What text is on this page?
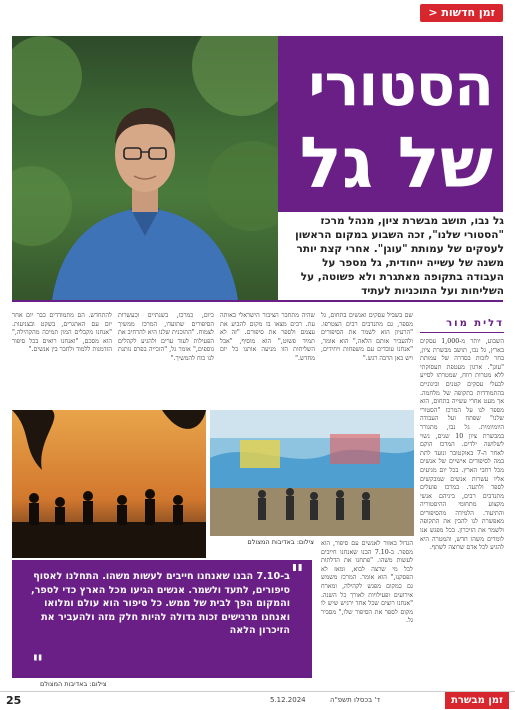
זמן חדשות <
הסטורי
של גל
גל נבו, תושב מבשרת ציון, מנהל מרכז "הסטורי שלנו", זכה השבוע במקום הראשון לעסקים של עמותת "עוגן". אחרי קצת יותר משנה של עשייה ייחודית, גל מספר על העבודה בתקופה מאתגרת ולא פשוטה, על השליחות ועל התוכניות לעתיד
דלית מור
השבוע, יותר מ-1,000 עסקים בארץ, גל נבו, תושב מבשרת ציון, בחר לזכות בסדרה של עמותת "עוגן". ארגון מעטפת תעסוקתי ללא מטרות רווח, שמטרתו לסייע לבעלי עסקים קטנים ובינוניים בהתמודדות בתקופה של מלחמה. אך מעט אחרי עשייה בתחום, הוא מספר לנו על המרכז "הסטורי שלנו" שפתח ועל העבודה היומיומית. גל נבו, מתגורר במבשרת ציון 10 שנים, נשוי לשלושה ילדים. המרכז הוקם לאחר ה-7 באוקטובר ונועד לתת במה לסיפורים אישיים של אנשים מכל רחבי הארץ. בכל יום מגיעים אליו עשרות אנשים שמבקשים לספר ולתעד. במרכז פועלים מתנדבים רבים, ביניהם אנשי מקצוע מתחומי ההיסטוריה והתיעוד. הלמידה מהסיפורים מאפשרת לנו להבין את התקופה ולשמר את הזיכרון. בכל מפגש אנו לומדים משהו חדש, והמטרה היא להגיע לכל אדם שרוצה לשתף.
שם בשביל עסקים ואנשים בתחום, גל מספר, גם מתנדבים רבים הצטרפו. "הרעיון הוא לשמר את הסיפורים ולהעביר אותם הלאה," הוא אומר, "אנחנו עובדים עם משפחות ויחידים, ויש כאן הרבה רגש."
שהיה מתחבר הציבור הישראלי באותה עת. רבים מצאו בו מקום להביע את עצמם ולספר את סיפורם. "זה לא תמיד פשוט," הוא מוסיף, "אבל השליחות הזו מניעה אותנו כל יום מחדש."
כיום, כמרכז, בשנתיים וכעשרות הסיפורים שתועדו, המרכז ממשיך לצמוח. "התוכנית שלנו היא להרחיב את הפעילות לעוד ערים ולהגיע לקהלים נוספים," אומר גל, "הזכייה בפרס נותנת לנו כוח להמשיך."
להתחדש. הם מתמודדים כבר יום אחר יום עם האתגרים, בשקט ובצניעות. "אנחנו מקבלים המון תמיכה מהקהילה," הוא מסכם, "ואנחנו רואים בכל סיפור הזדמנות ללמוד ולחבר בין אנשים."
הגדול באזור לאנשים עם סיפור, הוא מספר. ב-7.10 הבנו שאנחנו חייבים לעשות משהו. "פתחנו את הדלתות לכל מי שרצה לבוא, ומאז לא הפסקנו," הוא אומר. המרכז משמש גם כמקום מפגש לקהילה, ומארח אירועים ופעילויות לאורך כל השנה. "אנחנו רוצים שכל אחד ירגיש שיש לו מקום לספר את הסיפור שלו," מסביר גל.
צילום: באדיבות המצולם
"
ב-7.10 הבנו שאנחנו חייבים לעשות משהו. התחלנו לאסוף סיפורים, לתעד ולשמר. אנשים הגיעו מכל הארץ כדי לספר, והמקום הפך לבית של ממש. כל סיפור הוא עולם ומלואו ואנחנו מרגישים זכות גדולה להיות חלק מזה ולהעביר את הזיכרון הלאה
"
צילום: באדיבות המצולם
25	5.12.2024	ד' בכסלו תשפ"ה	זמן מבשרת
